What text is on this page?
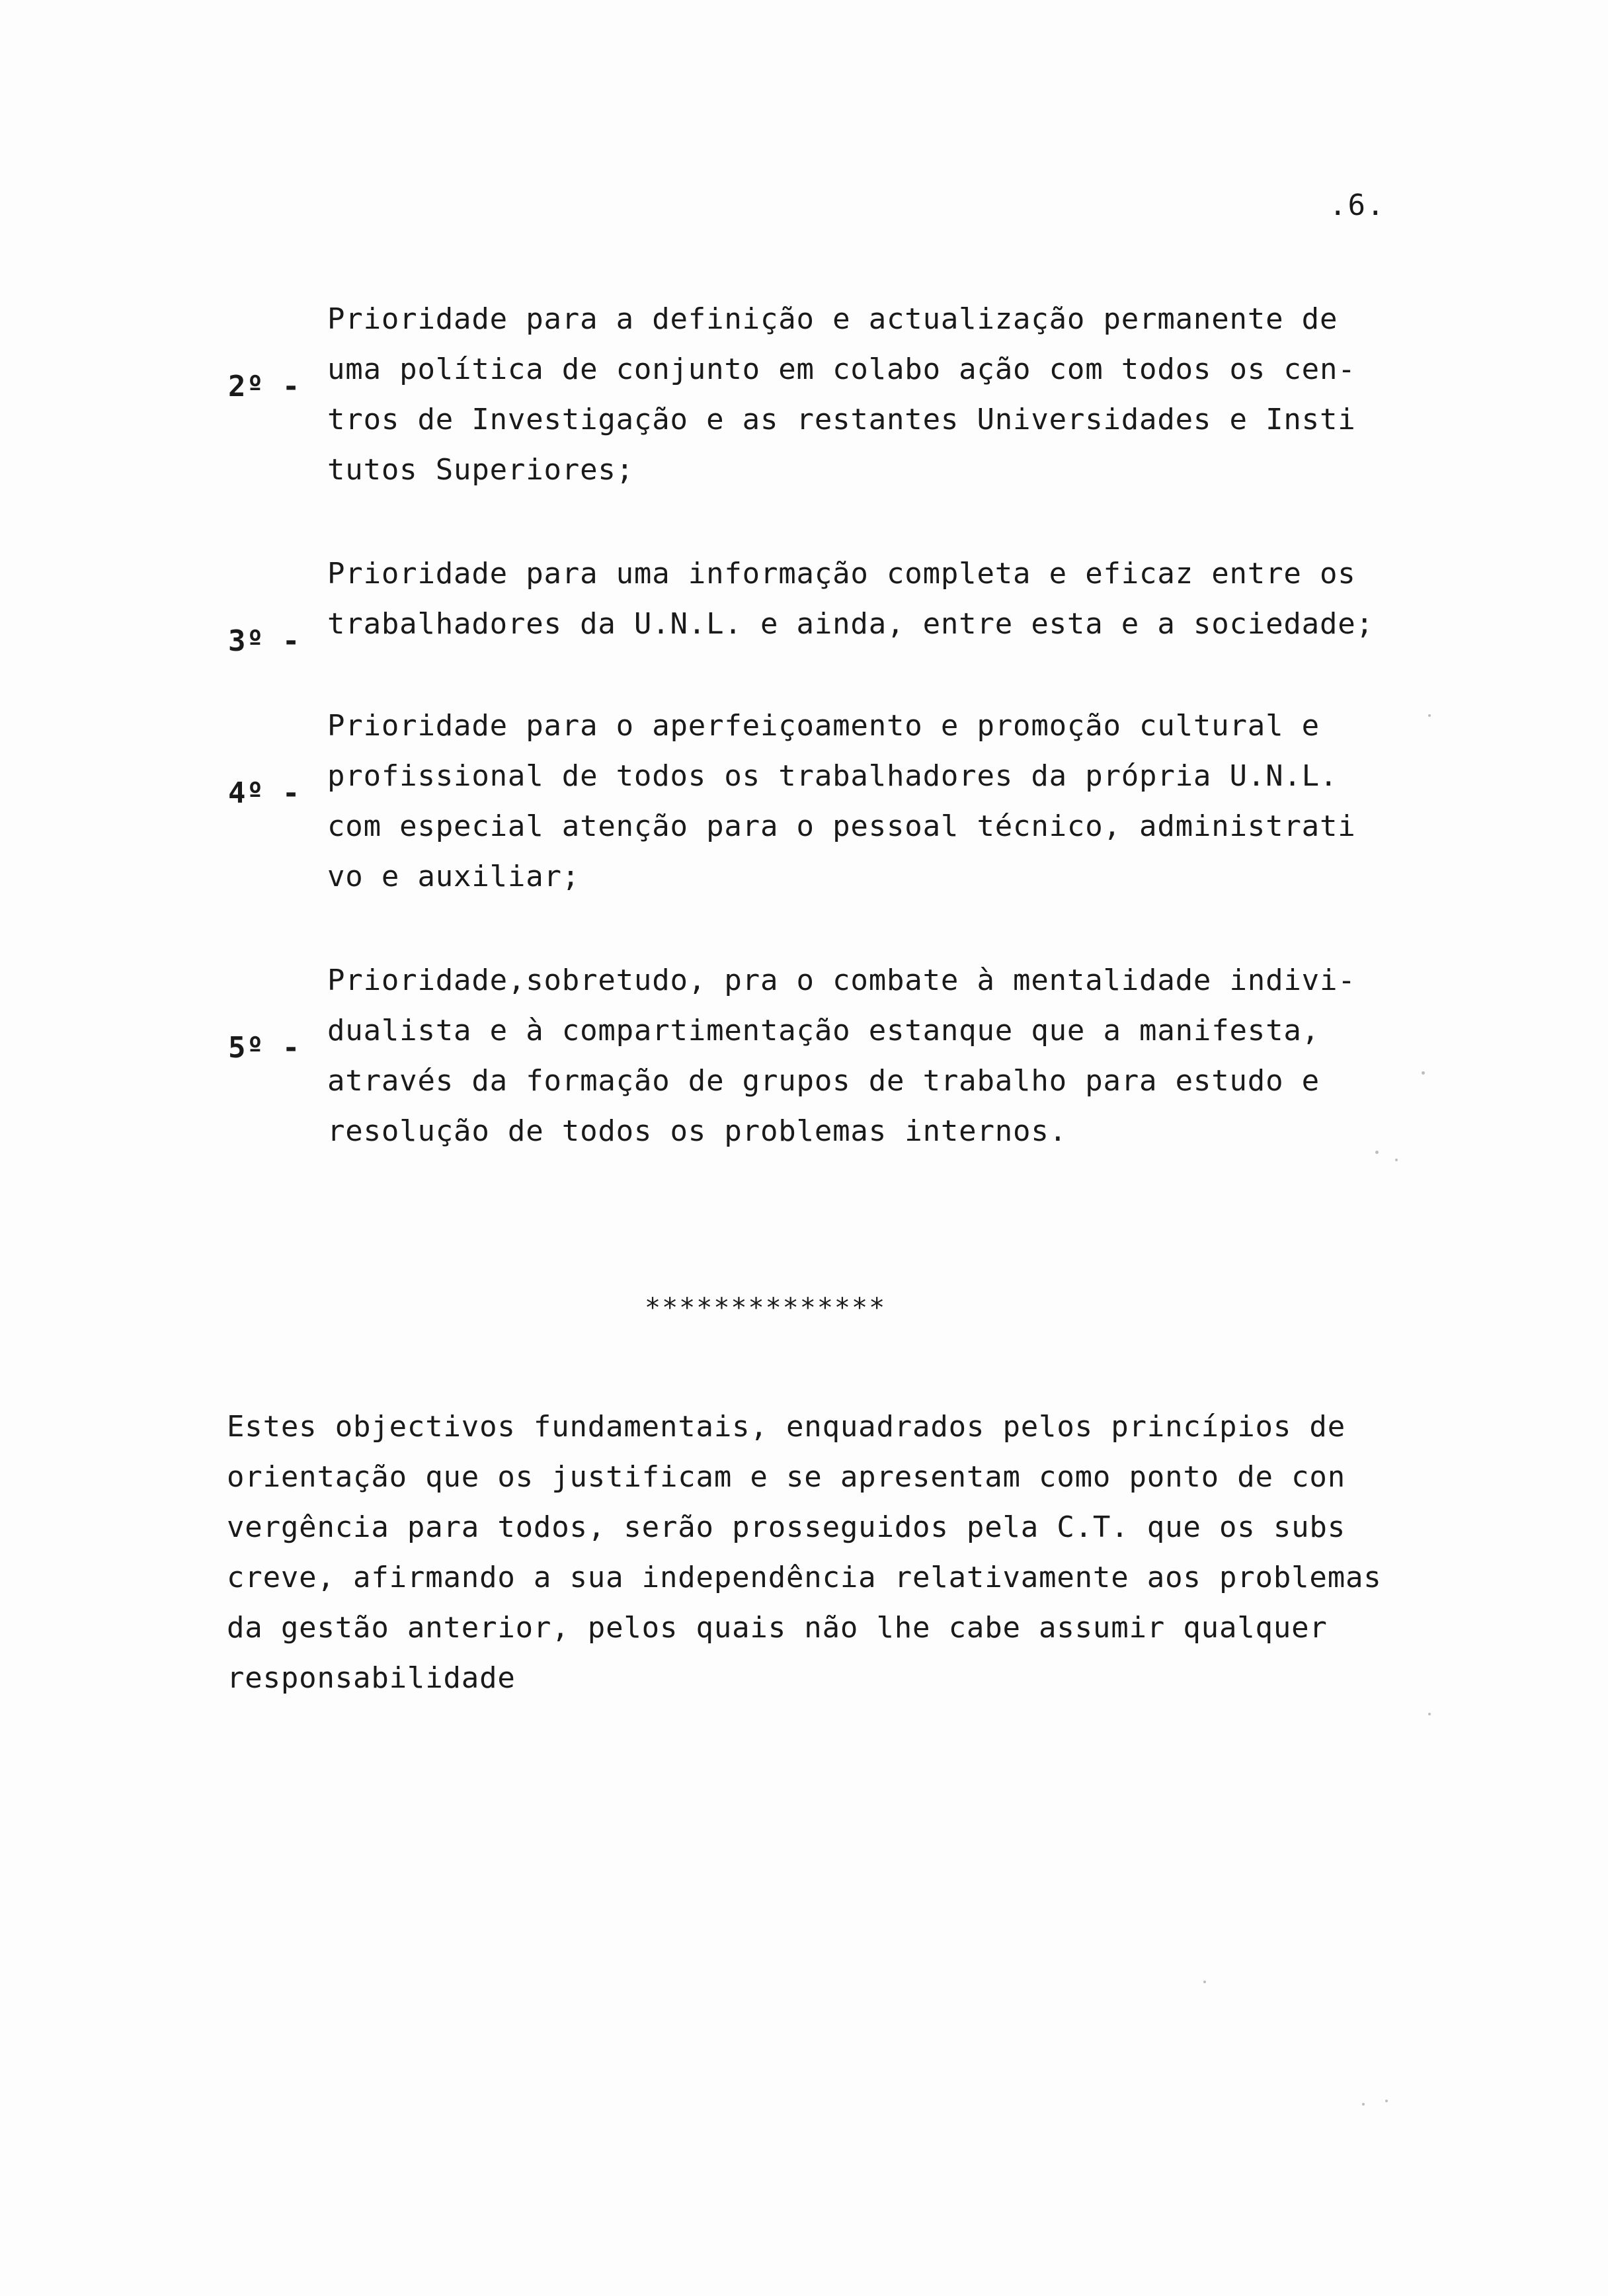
.6.

2º -

Prioridade para a definição e actualização permanente de
uma política de conjunto em colabo ação com todos os cen-
tros de Investigação e as restantes Universidades e Insti
tutos Superiores;

3º -

Prioridade para uma informação completa e eficaz entre os
trabalhadores da U.N.L. e ainda, entre esta e a sociedade;

4º -

Prioridade para o aperfeiçoamento e promoção cultural e
profissional de todos os trabalhadores da própria U.N.L.
com especial atenção para o pessoal técnico, administrati
vo e auxiliar;

5º -

Prioridade,sobretudo, pra o combate à mentalidade indivi-
dualista e à compartimentação estanque que a manifesta,
através da formação de grupos de trabalho para estudo e
resolução de todos os problemas internos.
**************
Estes objectivos fundamentais, enquadrados pelos princípios de
orientação que os justificam e se apresentam como ponto de con
vergência para todos, serão prosseguidos pela C.T. que os subs
creve, afirmando a sua independência relativamente aos problemas
da gestão anterior, pelos quais não lhe cabe assumir qualquer
responsabilidade
